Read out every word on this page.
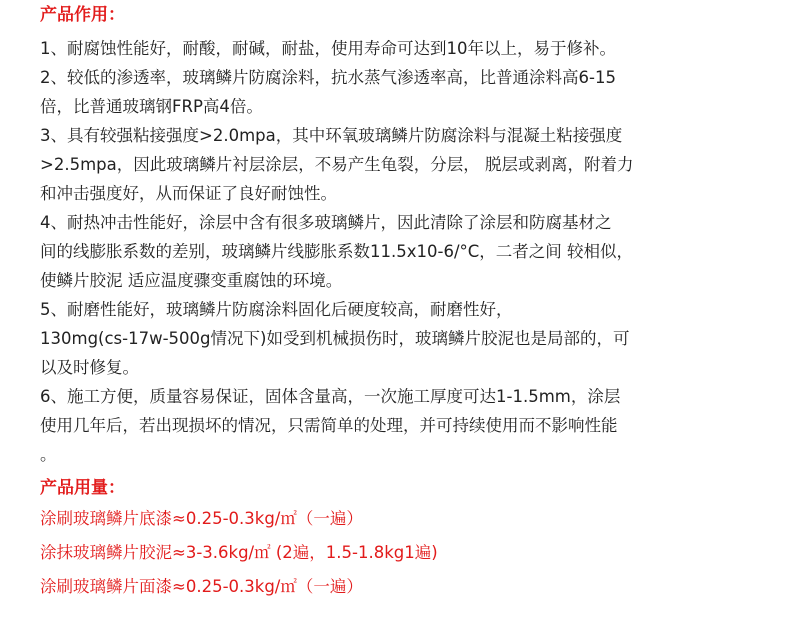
产品作用：

1、耐腐蚀性能好，耐酸，耐碱，耐盐，使用寿命可达到10年以上，易于修补。

2、较低的渗透率，玻璃鳞片防腐涂料，抗水蒸气渗透率高，比普通涂料高6-15
倍，比普通玻璃钢FRP高4倍。

3、具有较强粘接强度>2.0mpa，其中环氧玻璃鳞片防腐涂料与混凝土粘接强度
>2.5mpa，因此玻璃鳞片衬层涂层，不易产生龟裂，分层， 脱层或剥离，附着力
和冲击强度好，从而保证了良好耐蚀性。

4、耐热冲击性能好，涂层中含有很多玻璃鳞片，因此清除了涂层和防腐基材之
间的线膨胀系数的差别，玻璃鳞片线膨胀系数11.5x10-6/°C，二者之间 较相似，
使鳞片胶泥 适应温度骤变重腐蚀的环境。

5、耐磨性能好，玻璃鳞片防腐涂料固化后硬度较高，耐磨性好，
130mg(cs-17w-500g情况下)如受到机械损伤时，玻璃鳞片胶泥也是局部的，可
以及时修复。

6、施工方便，质量容易保证，固体含量高，一次施工厚度可达1-1.5mm，涂层
使用几年后，若出现损坏的情况，只需简单的处理，并可持续使用而不影响性能
。

产品用量：
涂刷玻璃鳞片底漆≈0.25-0.3kg/㎡（一遍）
涂抹玻璃鳞片胶泥≈3-3.6kg/㎡ (2遍，1.5-1.8kg1遍)
涂刷玻璃鳞片面漆≈0.25-0.3kg/㎡（一遍）
